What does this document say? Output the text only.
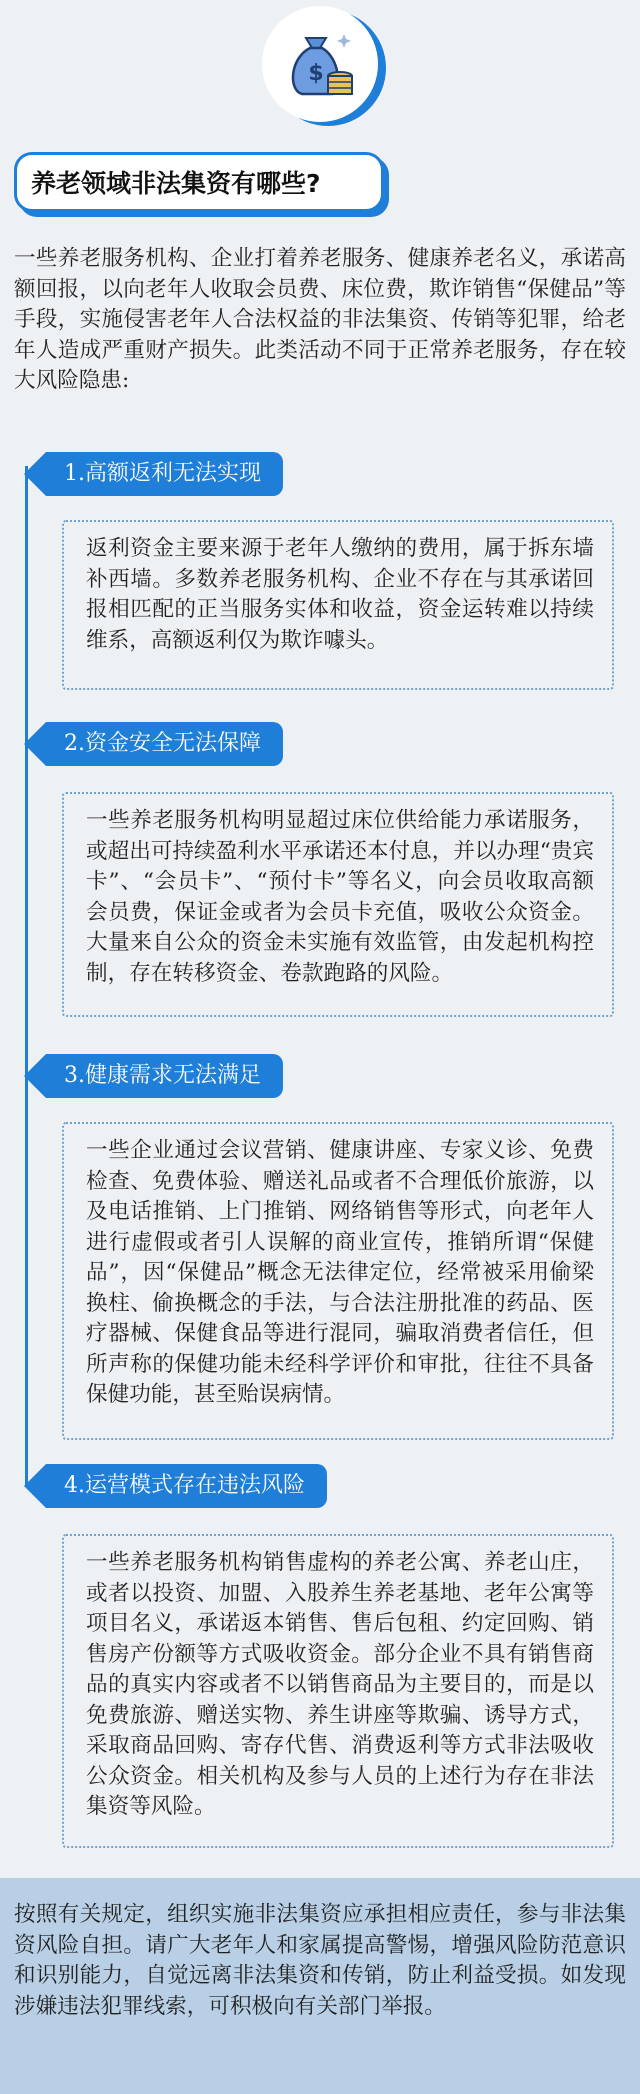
$
养老领域非法集资有哪些?
一些养老服务机构、企业打着养老服务、健康养老名义，承诺高额回报，以向老年人收取会员费、床位费，欺诈销售“保健品”等手段，实施侵害老年人合法权益的非法集资、传销等犯罪，给老年人造成严重财产损失。此类活动不同于正常养老服务，存在较大风险隐患:
1.高额返利无法实现
返利资金主要来源于老年人缴纳的费用，属于拆东墙补西墙。多数养老服务机构、企业不存在与其承诺回报相匹配的正当服务实体和收益，资金运转难以持续维系，高额返利仅为欺诈噱头。
2.资金安全无法保障
一些养老服务机构明显超过床位供给能力承诺服务，或超出可持续盈利水平承诺还本付息，并以办理“贵宾卡”、“会员卡”、“预付卡”等名义，向会员收取高额会员费，保证金或者为会员卡充值，吸收公众资金。大量来自公众的资金未实施有效监管，由发起机构控制，存在转移资金、卷款跑路的风险。
3.健康需求无法满足
一些企业通过会议营销、健康讲座、专家义诊、免费检查、免费体验、赠送礼品或者不合理低价旅游，以及电话推销、上门推销、网络销售等形式，向老年人进行虚假或者引人误解的商业宣传，推销所谓“保健品”，因“保健品”概念无法律定位，经常被采用偷梁换柱、偷换概念的手法，与合法注册批准的药品、医疗器械、保健食品等进行混同，骗取消费者信任，但所声称的保健功能未经科学评价和审批，往往不具备保健功能，甚至贻误病情。
4.运营模式存在违法风险
一些养老服务机构销售虚构的养老公寓、养老山庄，或者以投资、加盟、入股养生养老基地、老年公寓等项目名义，承诺返本销售、售后包租、约定回购、销售房产份额等方式吸收资金。部分企业不具有销售商品的真实内容或者不以销售商品为主要目的，而是以免费旅游、赠送实物、养生讲座等欺骗、诱导方式，采取商品回购、寄存代售、消费返利等方式非法吸收公众资金。相关机构及参与人员的上述行为存在非法集资等风险。
按照有关规定，组织实施非法集资应承担相应责任，参与非法集资风险自担。请广大老年人和家属提高警惕，增强风险防范意识和识别能力，自觉远离非法集资和传销，防止利益受损。如发现涉嫌违法犯罪线索，可积极向有关部门举报。
